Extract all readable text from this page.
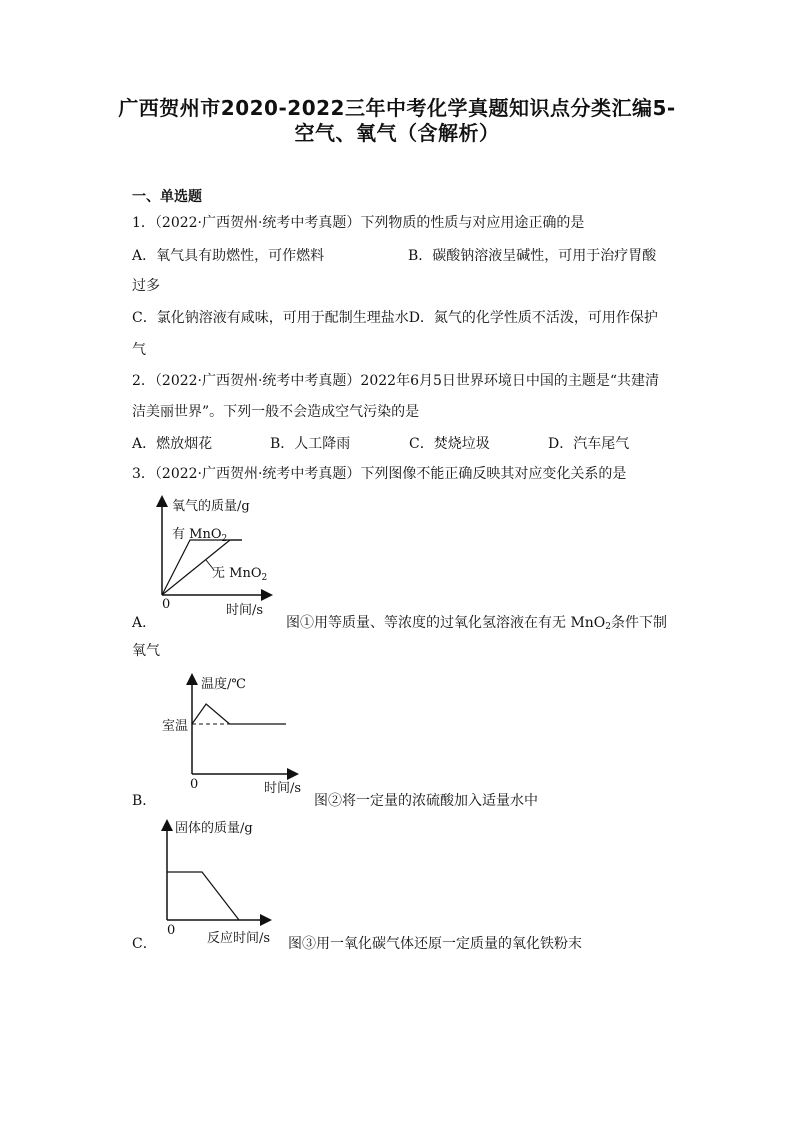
广西贺州市2020-2022三年中考化学真题知识点分类汇编5-
空气、氧气（含解析）
一、单选题
1．（2022·广西贺州·统考中考真题）下列物质的性质与对应用途正确的是
A．氧气具有助燃性，可作燃料	B．碳酸钠溶液呈碱性，可用于治疗胃酸
过多
C．氯化钠溶液有咸味，可用于配制生理盐水D．氮气的化学性质不活泼，可用作保护
气
2．（2022·广西贺州·统考中考真题）2022年6月5日世界环境日中国的主题是“共建清
洁美丽世界”。下列一般不会造成空气污染的是
A．燃放烟花	B．人工降雨	C．焚烧垃圾	D．汽车尾气
3．（2022·广西贺州·统考中考真题）下列图像不能正确反映其对应变化关系的是
氧气的质量/g
0	时间/s
有 MnO$_2$
无 MnO$_2$
A．	图①用等质量、等浓度的过氧化氢溶液在有无 MnO$_2$条件下制
氧气
温度/℃
室温
0	时间/s
B．	图②将一定量的浓硫酸加入适量水中
固体的质量/g
0
反应时间/s
C．	图③用一氧化碳气体还原一定质量的氧化铁粉末
